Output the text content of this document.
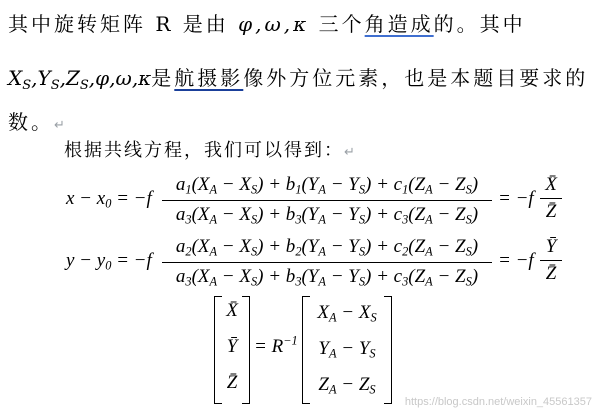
其中旋转矩阵 R 是由 φ,ω,κ 三个角造成的。其中
$X_S,Y_S,Z_S,\varphi,\omega,\kappa$是航摄影像外方位元素，也是本题目要求的
数。↵
根据共线方程，我们可以得到：↵
$x - x_0 = -f$
$a_1(X_A - X_S) + b_1(Y_A - Y_S) + c_1(Z_A - Z_S)$
$a_3(X_A - X_S) + b_3(Y_A - Y_S) + c_3(Z_A - Z_S)$
= −f
X̄
Z̄
$y - y_0 = -f$
$a_2(X_A - X_S) + b_2(Y_A - Y_S) + c_2(Z_A - Z_S)$
$a_3(X_A - X_S) + b_3(Y_A - Y_S) + c_3(Z_A - Z_S)$
= −f
Ȳ
Z̄
X̄
Ȳ
Z̄
= $R^{-1}$
$X_A - X_S$
$Y_A - Y_S$
$Z_A - Z_S$
https://blog.csdn.net/weixin_45561357
